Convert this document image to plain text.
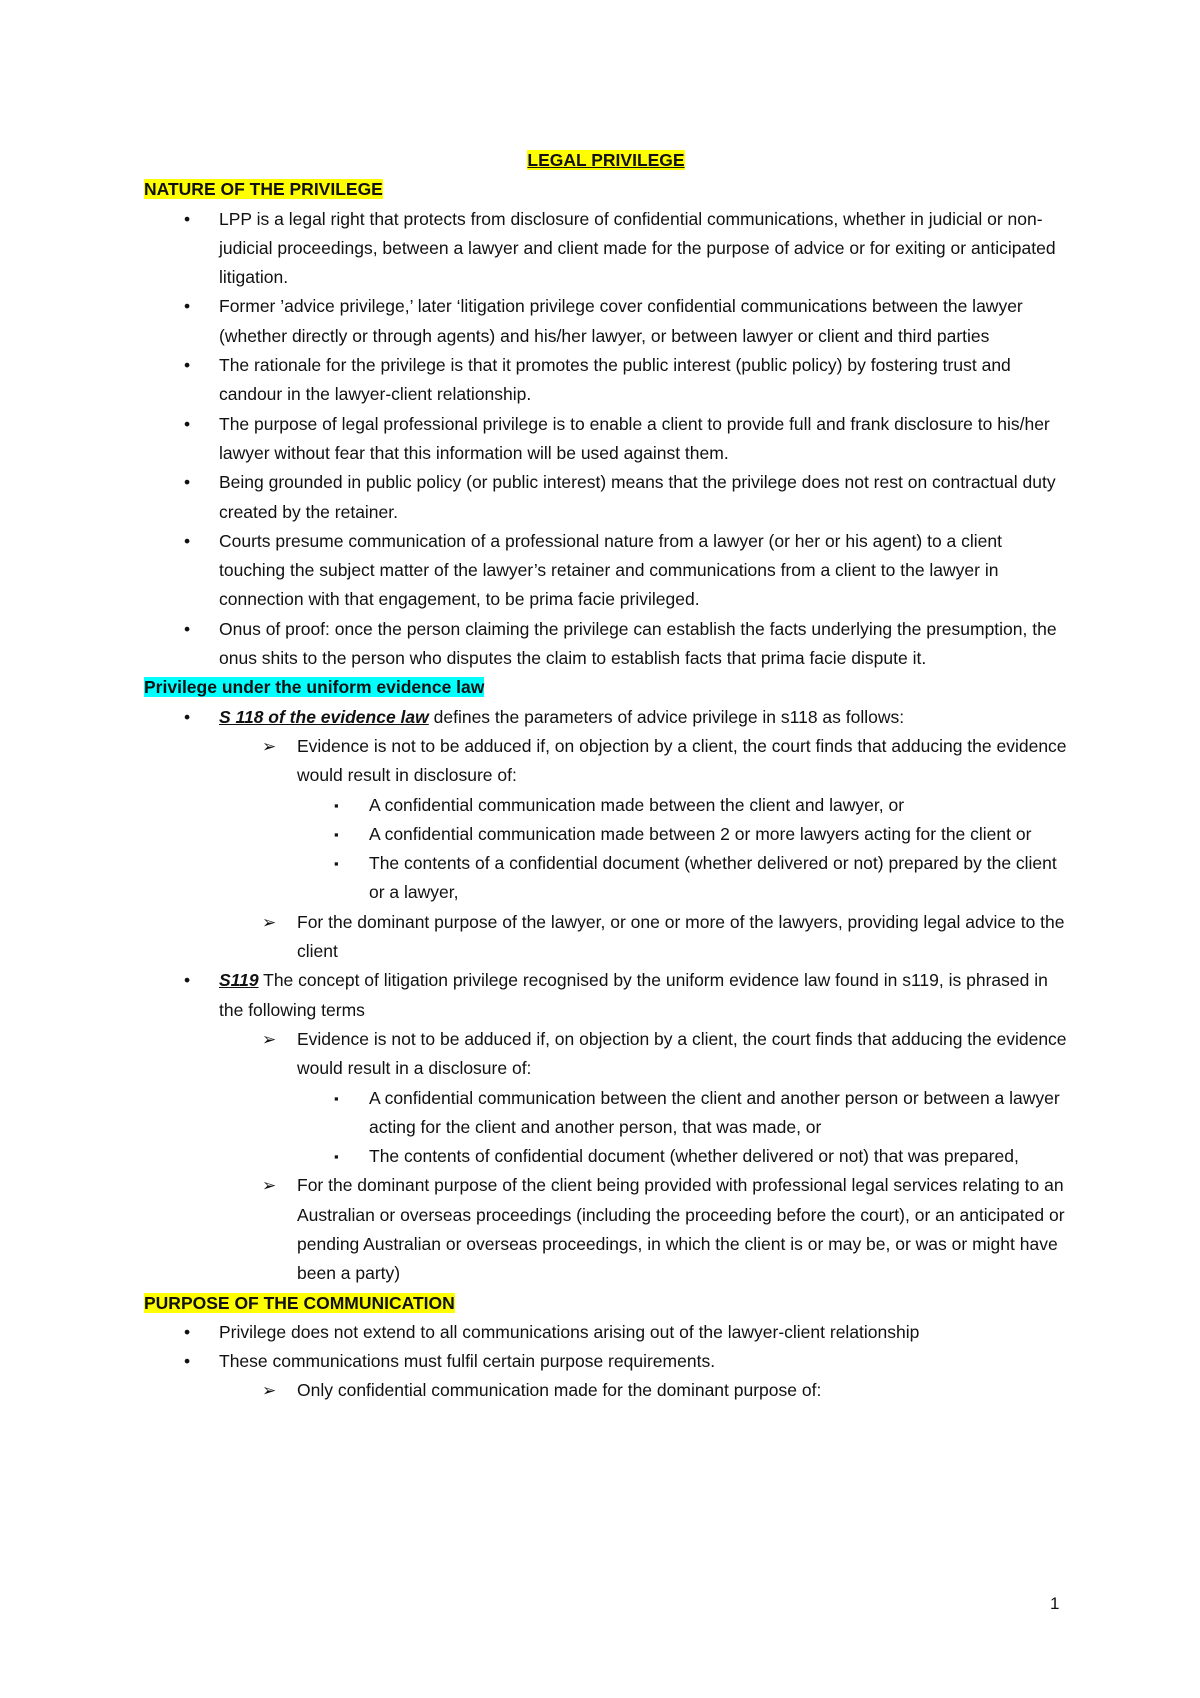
LEGAL PRIVILEGE
NATURE OF THE PRIVILEGE
• LPP is a legal right that protects from disclosure of confidential communications, whether in judicial or non-judicial proceedings, between a lawyer and client made for the purpose of advice or for exiting or anticipated litigation.
• Former ’advice privilege,’ later ‘litigation privilege cover confidential communications between the lawyer (whether directly or through agents) and his/her lawyer, or between lawyer or client and third parties
• The rationale for the privilege is that it promotes the public interest (public policy) by fostering trust and candour in the lawyer-client relationship.
• The purpose of legal professional privilege is to enable a client to provide full and frank disclosure to his/her lawyer without fear that this information will be used against them.
• Being grounded in public policy (or public interest) means that the privilege does not rest on contractual duty created by the retainer.
• Courts presume communication of a professional nature from a lawyer (or her or his agent) to a client touching the subject matter of the lawyer’s retainer and communications from a client to the lawyer in connection with that engagement, to be prima facie privileged.
• Onus of proof: once the person claiming the privilege can establish the facts underlying the presumption, the onus shits to the person who disputes the claim to establish facts that prima facie dispute it.
Privilege under the uniform evidence law
• S 118 of the evidence law defines the parameters of advice privilege in s118 as follows:
➢ Evidence is not to be adduced if, on objection by a client, the court finds that adducing the evidence would result in disclosure of:
▪ A confidential communication made between the client and lawyer, or
▪ A confidential communication made between 2 or more lawyers acting for the client or
▪ The contents of a confidential document (whether delivered or not) prepared by the client or a lawyer,
➢ For the dominant purpose of the lawyer, or one or more of the lawyers, providing legal advice to the client
• S119 The concept of litigation privilege recognised by the uniform evidence law found in s119, is phrased in the following terms
➢ Evidence is not to be adduced if, on objection by a client, the court finds that adducing the evidence would result in a disclosure of:
▪ A confidential communication between the client and another person or between a lawyer acting for the client and another person, that was made, or
▪ The contents of confidential document (whether delivered or not) that was prepared,
➢ For the dominant purpose of the client being provided with professional legal services relating to an Australian or overseas proceedings (including the proceeding before the court), or an anticipated or pending Australian or overseas proceedings, in which the client is or may be, or was or might have been a party)
PURPOSE OF THE COMMUNICATION
• Privilege does not extend to all communications arising out of the lawyer-client relationship
• These communications must fulfil certain purpose requirements.
➢ Only confidential communication made for the dominant purpose of:
1
